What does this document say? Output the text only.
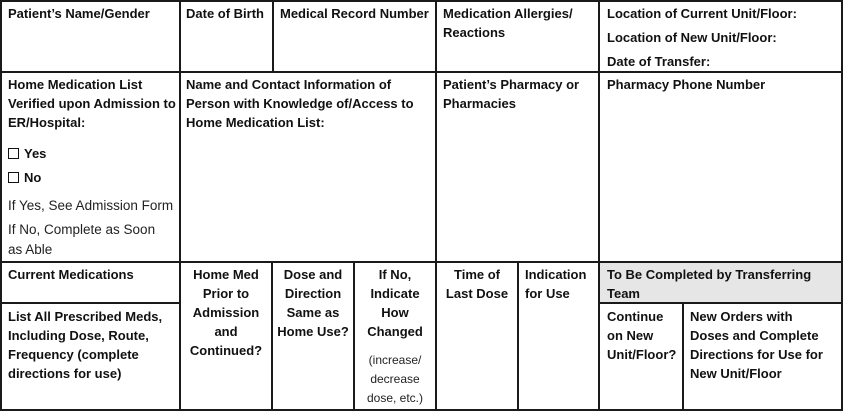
Patient’s Name/Gender	Date of Birth Medical Record Number Medication Allergies/
Reactions
Location of Current Unit/Floor:
Location of New Unit/Floor:
Date of Transfer:
Home Medication List
Verified upon Admission to
ER/Hospital:
Yes
No
If Yes, See Admission Form
If No, Complete as Soon
as Able
Name and Contact Information of
Person with Knowledge of/Access to
Home Medication List:
Patient’s Pharmacy or
Pharmacies
Pharmacy Phone Number
Current Medications
List All Prescribed Meds,
Including Dose, Route,
Frequency (complete
directions for use)
Home Med
Prior to
Admission
and
Continued?
Dose and
Direction
Same as
Home Use?
If No,
Indicate
How
Changed
(increase/
decrease
dose, etc.)
Time of
Last Dose
Indication
for Use
To Be Completed by Transferring
Team
Continue
on New
Unit/Floor?
New Orders with
Doses and Complete
Directions for Use for
New Unit/Floor
